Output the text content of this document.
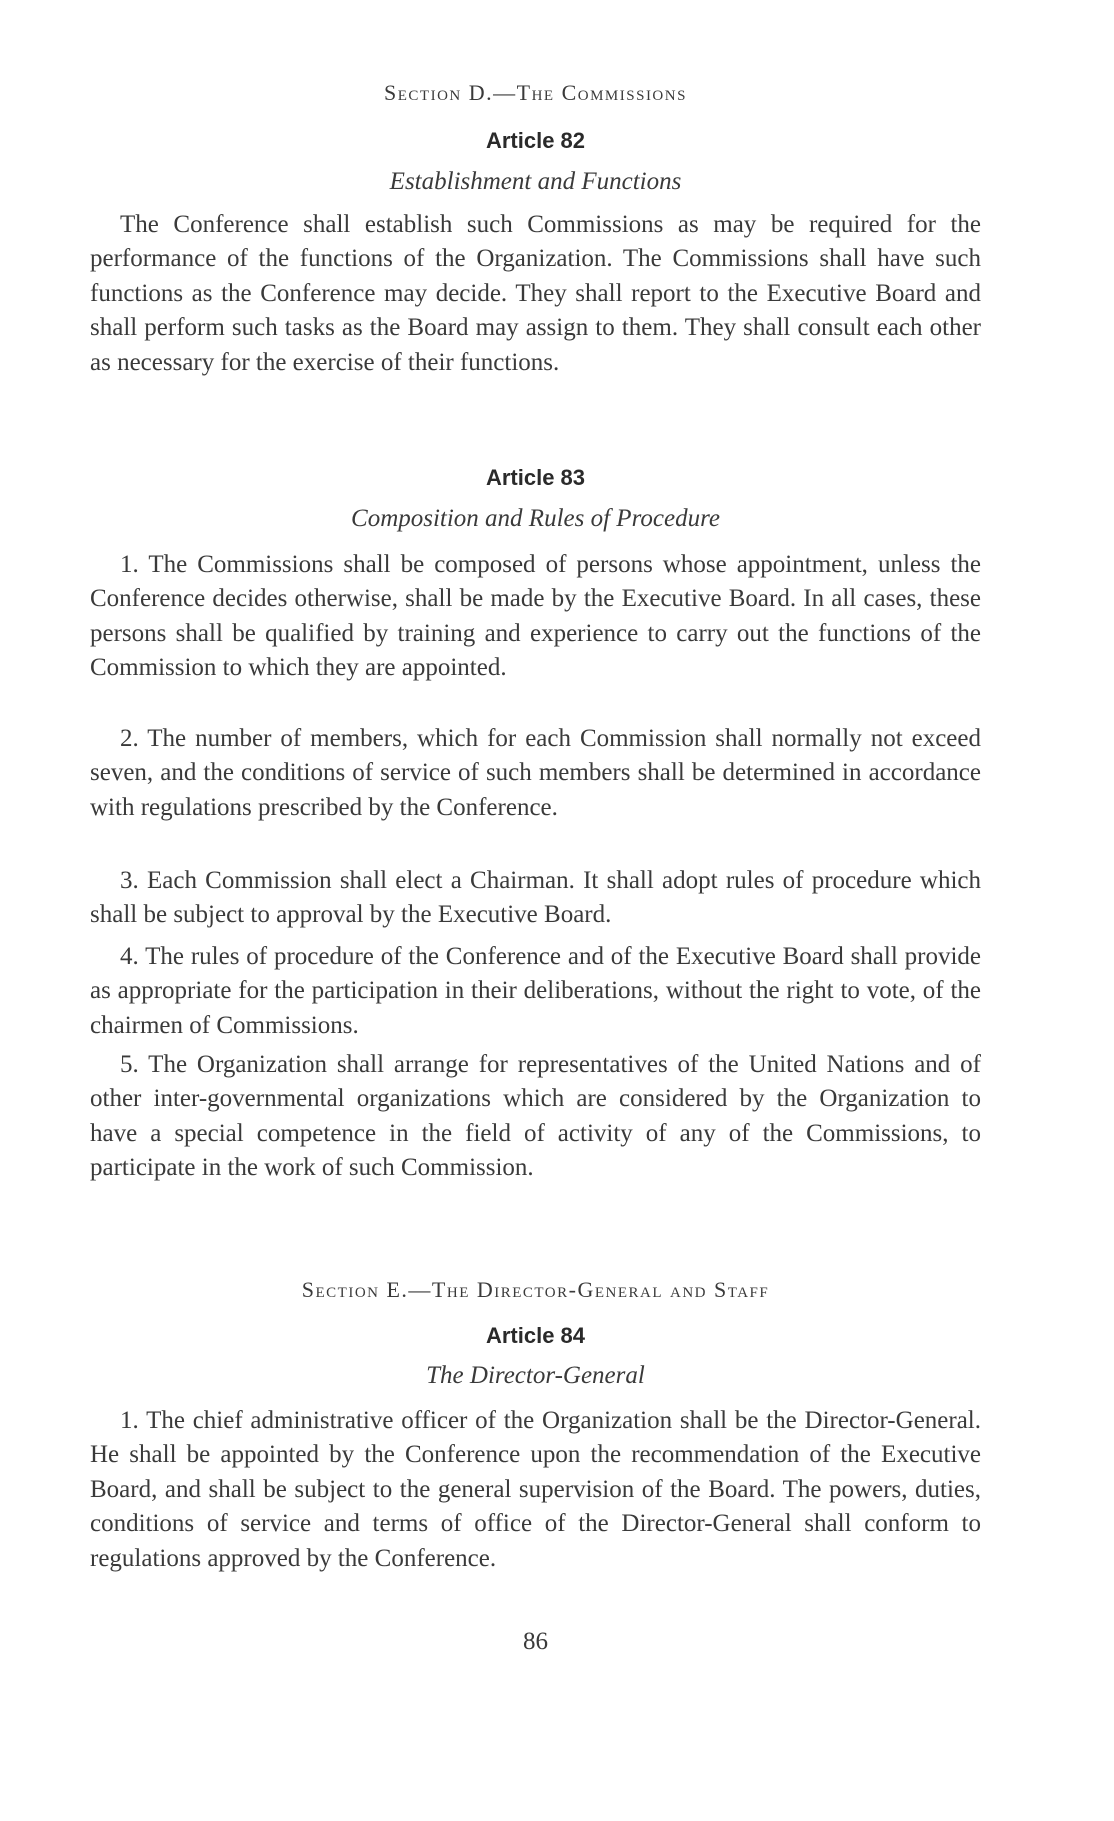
Section D.—The Commissions
Article 82
Establishment and Functions
The Conference shall establish such Commissions as may be required for the performance of the functions of the Organization. The Commissions shall have such functions as the Conference may decide. They shall report to the Executive Board and shall perform such tasks as the Board may assign to them. They shall consult each other as necessary for the exercise of their functions.
Article 83
Composition and Rules of Procedure
1. The Commissions shall be composed of persons whose appointment, unless the Conference decides otherwise, shall be made by the Executive Board. In all cases, these persons shall be qualified by training and experience to carry out the functions of the Commission to which they are appointed.
2. The number of members, which for each Commission shall normally not exceed seven, and the conditions of service of such members shall be determined in accordance with regulations prescribed by the Conference.
3. Each Commission shall elect a Chairman. It shall adopt rules of procedure which shall be subject to approval by the Executive Board.
4. The rules of procedure of the Conference and of the Executive Board shall provide as appropriate for the participation in their deliberations, without the right to vote, of the chairmen of Commissions.
5. The Organization shall arrange for representatives of the United Nations and of other inter-governmental organizations which are considered by the Organization to have a special competence in the field of activity of any of the Commissions, to participate in the work of such Commission.
Section E.—The Director-General and Staff
Article 84
The Director-General
1. The chief administrative officer of the Organization shall be the Director-General. He shall be appointed by the Conference upon the recommendation of the Executive Board, and shall be subject to the general supervision of the Board. The powers, duties, conditions of service and terms of office of the Director-General shall conform to regulations approved by the Conference.
86
